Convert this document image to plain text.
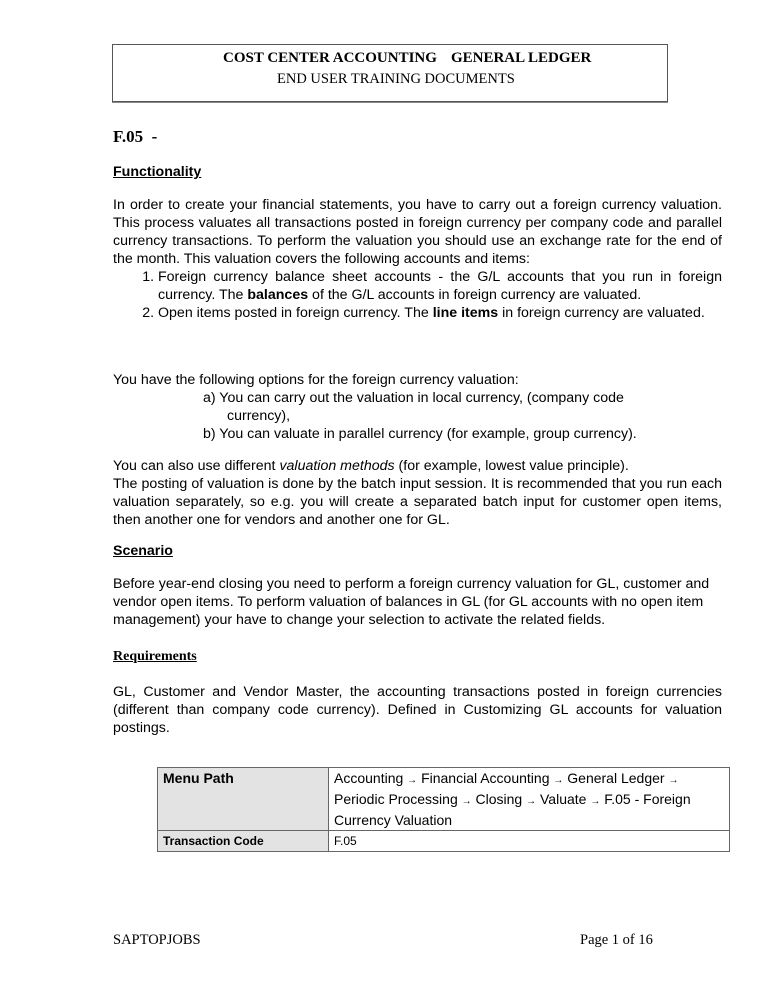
COST CENTER ACCOUNTING GENERAL LEDGER
END USER TRAINING DOCUMENTS
F.05  -
Functionality
In order to create your financial statements, you have to carry out a foreign currency valuation. This process valuates all transactions posted in foreign currency per company code and parallel currency transactions. To perform the valuation you should use an exchange rate for the end of the month. This valuation covers the following accounts and items:
1. Foreign currency balance sheet accounts - the G/L accounts that you run in foreign currency. The balances of the G/L accounts in foreign currency are valuated.
2. Open items posted in foreign currency. The line items in foreign currency are valuated.
You have the following options for the foreign currency valuation:
a) You can carry out the valuation in local currency, (company code currency),
b) You can valuate in parallel currency (for example, group currency).
You can also use different valuation methods (for example, lowest value principle).
The posting of valuation is done by the batch input session. It is recommended that you run each valuation separately, so e.g. you will create a separated batch input for customer open items, then another one for vendors and another one for GL.
Scenario
Before year-end closing you need to perform a foreign currency valuation for GL, customer and vendor open items. To perform valuation of balances in GL (for GL accounts with no open item management) your have to change your selection to activate the related fields.
Requirements
GL, Customer and Vendor Master, the accounting transactions posted in foreign currencies (different than company code currency). Defined in Customizing GL accounts for valuation postings.
Menu Path	Accounting → Financial Accounting → General Ledger → Periodic Processing → Closing → Valuate → F.05 - Foreign Currency Valuation
Transaction Code	F.05
SAPTOPJOBS	Page 1 of 16
